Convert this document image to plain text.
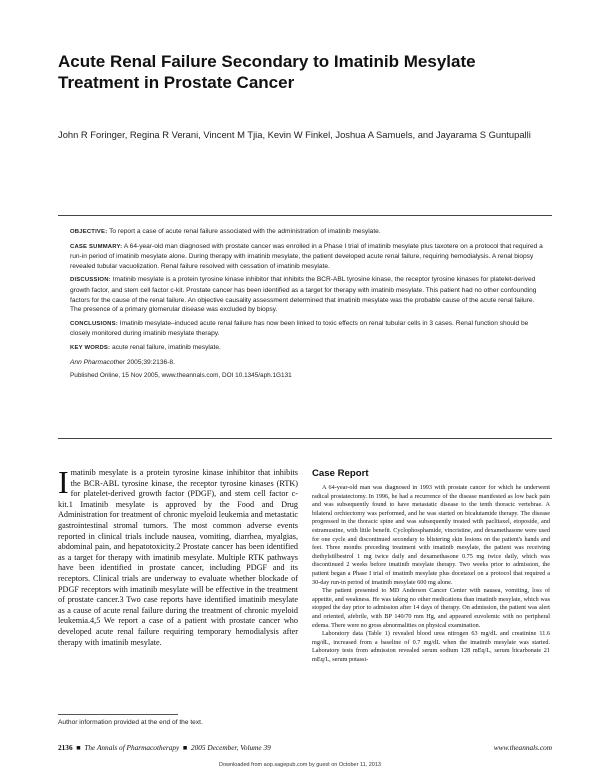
Acute Renal Failure Secondary to Imatinib Mesylate Treatment in Prostate Cancer
John R Foringer, Regina R Verani, Vincent M Tjia, Kevin W Finkel, Joshua A Samuels, and Jayarama S Guntupalli

OBJECTIVE: To report a case of acute renal failure associated with the administration of imatinib mesylate.

CASE SUMMARY: A 64-year-old man diagnosed with prostate cancer was enrolled in a Phase I trial of imatinib mesylate plus taxotere on a protocol that required a run-in period of imatinib mesylate alone. During therapy with imatinib mesylate, the patient developed acute renal failure, requiring hemodialysis. A renal biopsy revealed tubular vacuolization. Renal failure resolved with cessation of imatinib mesylate.

DISCUSSION: Imatinib mesylate is a protein tyrosine kinase inhibitor that inhibits the BCR-ABL tyrosine kinase, the receptor tyrosine kinases for platelet-derived growth factor, and stem cell factor c-kit. Prostate cancer has been identified as a target for therapy with imatinib mesylate. This patient had no other confounding factors for the cause of the renal failure. An objective causality assessment determined that imatinib mesylate was the probable cause of the acute renal failure. The presence of a primary glomerular disease was excluded by biopsy.

CONCLUSIONS: Imatinib mesylate–induced acute renal failure has now been linked to toxic effects on renal tubular cells in 3 cases. Renal function should be closely monitored during imatinib mesylate therapy.

KEY WORDS: acute renal failure, imatinib mesylate.

Ann Pharmacother 2005;39:2136-8.

Published Online, 15 Nov 2005, www.theannals.com, DOI 10.1345/aph.1G131

Imatinib mesylate is a protein tyrosine kinase inhibitor that inhibits the BCR-ABL tyrosine kinase, the receptor tyrosine kinases (RTK) for platelet-derived growth factor (PDGF), and stem cell factor c-kit.1 Imatinib mesylate is approved by the Food and Drug Administration for treatment of chronic myeloid leukemia and metastatic gastrointestinal stromal tumors. The most common adverse events reported in clinical trials include nausea, vomiting, diarrhea, myalgias, abdominal pain, and hepatotoxicity.2 Prostate cancer has been identified as a target for therapy with imatinib mesylate. Multiple RTK pathways have been identified in prostate cancer, including PDGF and its receptors. Clinical trials are underway to evaluate whether blockade of PDGF receptors with imatinib mesylate will be effective in the treatment of prostate cancer.3 Two case reports have identified imatinib mesylate as a cause of acute renal failure during the treatment of chronic myeloid leukemia.4,5 We report a case of a patient with prostate cancer who developed acute renal failure requiring temporary hemodialysis after therapy with imatinib mesylate.
Author information provided at the end of the text.
Case Report

A 64-year-old man was diagnosed in 1993 with prostate cancer for which he underwent radical prostatectomy. In 1996, he had a recurrence of the disease manifested as low back pain and was subsequently found to have metastatic disease to the tenth thoracic vertebrae. A bilateral orchiectomy was performed, and he was started on bicalutamide therapy. The disease progressed in the thoracic spine and was subsequently treated with paclitaxel, etoposide, and estramustine, with little benefit. Cyclophosphamide, vincristine, and dexamethasone were used for one cycle and discontinued secondary to blistering skin lesions on the patient's hands and feet. Three months preceding treatment with imatinib mesylate, the patient was receiving diethylstilbestrol 1 mg twice daily and dexamethasone 0.75 mg twice daily, which was discontinued 2 weeks before imatinib mesylate therapy. Two weeks prior to admission, the patient began a Phase I trial of imatinib mesylate plus docetaxel on a protocol that required a 30-day run-in period of imatinib mesylate 600 mg alone.

The patient presented to MD Anderson Cancer Center with nausea, vomiting, loss of appetite, and weakness. He was taking no other medications than imatinib mesylate, which was stopped the day prior to admission after 14 days of therapy. On admission, the patient was alert and oriented, afebrile, with BP 140/70 mm Hg, and appeared euvolemic with no peripheral edema. There were no gross abnormalities on physical examination.

Laboratory data (Table 1) revealed blood urea nitrogen 63 mg/dL and creatinine 11.6 mg/dL, increased from a baseline of 0.7 mg/dL when the imatinib mesylate was started. Laboratory tests from admission revealed serum sodium 128 mEq/L, serum bicarbonate 21 mEq/L, serum potassi-

2136  ■  The Annals of Pharmacotherapy  ■  2005 December, Volume 39	www.theannals.com
Downloaded from aop.sagepub.com by guest on October 11, 2013
